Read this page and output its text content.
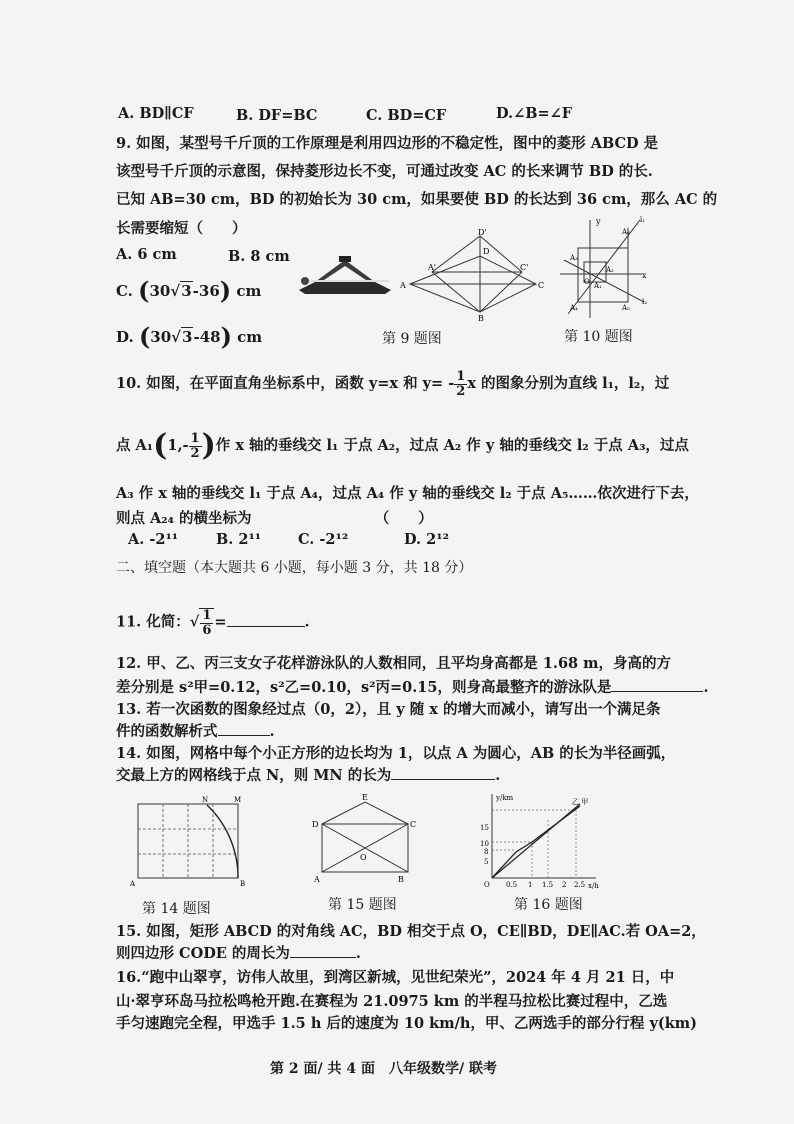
A. BD∥CF	B. DF=BC	C. BD=CF	D.∠B=∠F
9. 如图，某型号千斤顶的工作原理是利用四边形的不稳定性，图中的菱形 ABCD 是
该型号千斤顶的示意图，保持菱形边长不变，可通过改变 AC 的长来调节 BD 的长.
已知 AB=30 cm，BD 的初始长为 30 cm，如果要使 BD 的长达到 36 cm，那么 AC 的
长需要缩短（　　）
A. 6 cm	B. 8 cm
C. (30√3-36) cm
D. (30√3-48) cm
D'
D
A'	C'
A	C
B
第 9 题图
y
x
O
l₁
l₂
A₁
A₂
A₃
A₄	A₅
A₆
第 10 题图
10. 如图，在平面直角坐标系中，函数 y=x 和 $y= - \frac{1}{2}$ x 的图象分别为直线 l₁，l₂，过
点 $A_1(1,- \frac{1}{2}$ )作 x 轴的垂线交 l₁ 于点 A₂，过点 A₂ 作 y 轴的垂线交 l₂ 于点 A₃，过点
A₃ 作 x 轴的垂线交 l₁ 于点 A₄，过点 A₄ 作 y 轴的垂线交 l₂ 于点 A₅……依次进行下去，
则点 A₂₄ 的横坐标为　　　　　　　　　（　　）
A. -2¹¹	B. 2¹¹	C. -2¹²	D. 2¹²
二、填空题（本大题共 6 小题，每小题 3 分，共 18 分）
11. 化简：√ $\frac{1}{6}$ =	.
12. 甲、乙、丙三支女子花样游泳队的人数相同，且平均身高都是 1.68 m，身高的方
差分别是 s²甲=0.12，s²乙=0.10，s²丙=0.15，则身高最整齐的游泳队是	.
13. 若一次函数的图象经过点（0，2），且 y 随 x 的增大而减小，请写出一个满足条
件的函数解析式	.
14. 如图，网格中每个小正方形的边长均为 1，以点 A 为圆心，AB 的长为半径画弧，
交最上方的网格线于点 N，则 MN 的长为	.
N	M
A	B
第 14 题图
E
D	C
O
A	B
第 15 题图
y/km
x/h
O
乙 甲
15
10
8
5
0.5 1 1.5 2 2.5
第 16 题图
15. 如图，矩形 ABCD 的对角线 AC，BD 相交于点 O，CE∥BD，DE∥AC.若 OA=2，
则四边形 CODE 的周长为	.
16.“跑中山翠亨，访伟人故里，到湾区新城，见世纪荣光”，2024 年 4 月 21 日，中
山·翠亨环岛马拉松鸣枪开跑.在赛程为 21.0975 km 的半程马拉松比赛过程中，乙选
手匀速跑完全程，甲选手 1.5 h 后的速度为 10 km/h，甲、乙两选手的部分行程 y(km)
第 2 面/ 共 4 面　八年级数学/ 联考
